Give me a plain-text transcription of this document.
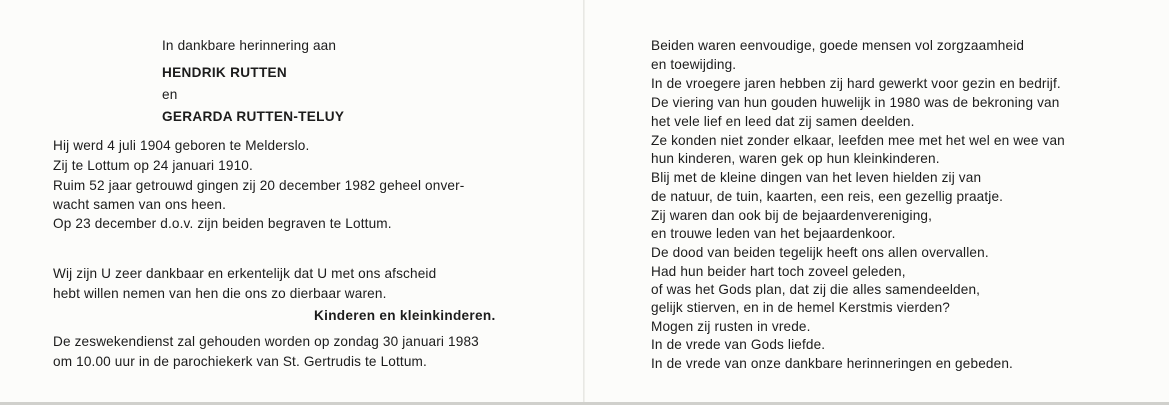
In dankbare herinnering aan
HENDRIK RUTTEN
en
GERARDA RUTTEN-TELUY
Hij werd 4 juli 1904 geboren te Melderslo.
Zij te Lottum op 24 januari 1910.
Ruim 52 jaar getrouwd gingen zij 20 december 1982 geheel onver-
wacht samen van ons heen.
Op 23 december d.o.v. zijn beiden begraven te Lottum.
Wij zijn U zeer dankbaar en erkentelijk dat U met ons afscheid
hebt willen nemen van hen die ons zo dierbaar waren.
Kinderen en kleinkinderen.
De zeswekendienst zal gehouden worden op zondag 30 januari 1983
om 10.00 uur in de parochiekerk van St. Gertrudis te Lottum.
Beiden waren eenvoudige, goede mensen vol zorgzaamheid
en toewijding.
In de vroegere jaren hebben zij hard gewerkt voor gezin en bedrijf.
De viering van hun gouden huwelijk in 1980 was de bekroning van
het vele lief en leed dat zij samen deelden.
Ze konden niet zonder elkaar, leefden mee met het wel en wee van
hun kinderen, waren gek op hun kleinkinderen.
Blij met de kleine dingen van het leven hielden zij van
de natuur, de tuin, kaarten, een reis, een gezellig praatje.
Zij waren dan ook bij de bejaardenvereniging,
en trouwe leden van het bejaardenkoor.
De dood van beiden tegelijk heeft ons allen overvallen.
Had hun beider hart toch zoveel geleden,
of was het Gods plan, dat zij die alles samendeelden,
gelijk stierven, en in de hemel Kerstmis vierden?
Mogen zij rusten in vrede.
In de vrede van Gods liefde.
In de vrede van onze dankbare herinneringen en gebeden.
